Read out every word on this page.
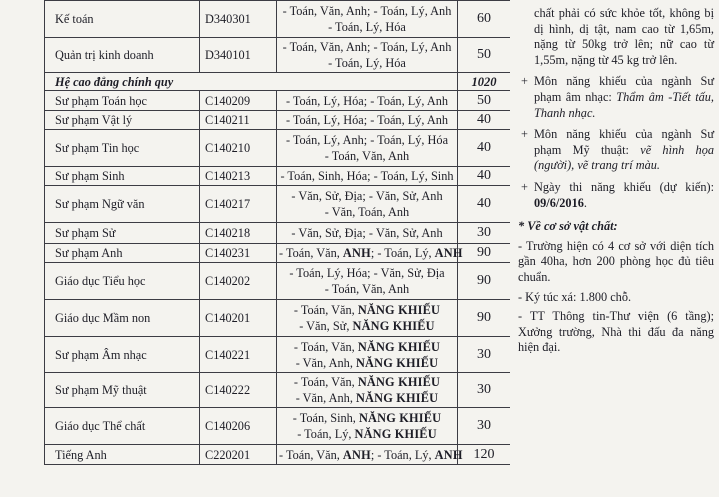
Kế toán	D340301	- Toán, Văn, Anh; - Toán, Lý, Anh
- Toán, Lý, Hóa	60
Quản trị kinh doanh	D340101	- Toán, Văn, Anh; - Toán, Lý, Anh
- Toán, Lý, Hóa	50
Hệ cao đẳng chính quy			1020
Sư phạm Toán học	C140209	- Toán, Lý, Hóa; - Toán, Lý, Anh	50
Sư phạm Vật lý	C140211	- Toán, Lý, Hóa; - Toán, Lý, Anh	40
Sư phạm Tin học	C140210	- Toán, Lý, Anh; - Toán, Lý, Hóa
- Toán, Văn, Anh	40
Sư phạm Sinh	C140213	- Toán, Sinh, Hóa; - Toán, Lý, Sinh	40
Sư phạm Ngữ văn	C140217	- Văn, Sử, Địa; - Văn, Sử, Anh
- Văn, Toán, Anh	40
Sư phạm Sử	C140218	- Văn, Sử, Địa; - Văn, Sử, Anh	30
Sư phạm Anh	C140231	- Toán, Văn, ANH; - Toán, Lý, ANH	90
Giáo dục Tiểu học	C140202	- Toán, Lý, Hóa; - Văn, Sử, Địa
- Toán, Văn, Anh	90
Giáo dục Mầm non	C140201	- Toán, Văn, NĂNG KHIẾU
- Văn, Sử, NĂNG KHIẾU	90
Sư phạm Âm nhạc	C140221	- Toán, Văn, NĂNG KHIẾU
- Văn, Anh, NĂNG KHIẾU	30
Sư phạm Mỹ thuật	C140222	- Toán, Văn, NĂNG KHIẾU
- Văn, Anh, NĂNG KHIẾU	30
Giáo dục Thể chất	C140206	- Toán, Sinh, NĂNG KHIẾU
- Toán, Lý, NĂNG KHIẾU	30
Tiếng Anh	C220201	- Toán, Văn, ANH; - Toán, Lý, ANH	120

chất phải có sức khỏe tốt, không bị dị hình, dị tật, nam cao từ 1,65m, nặng từ 50kg trở lên; nữ cao từ 1,55m, nặng từ 45 kg trở lên.

+ Môn năng khiếu của ngành Sư phạm âm nhạc: Thẩm âm -Tiết tấu, Thanh nhạc.

+ Môn năng khiếu của ngành Sư phạm Mỹ thuật: vẽ hình họa (người), vẽ trang trí màu.

+ Ngày thi năng khiếu (dự kiến): 09/6/2016.

* Về cơ sở vật chất:

- Trường hiện có 4 cơ sở với diện tích gần 40ha, hơn 200 phòng học đủ tiêu chuẩn.

- Ký túc xá: 1.800 chỗ.

- TT Thông tin-Thư viện (6 tầng); Xưởng trường, Nhà thi đấu đa năng hiện đại.
